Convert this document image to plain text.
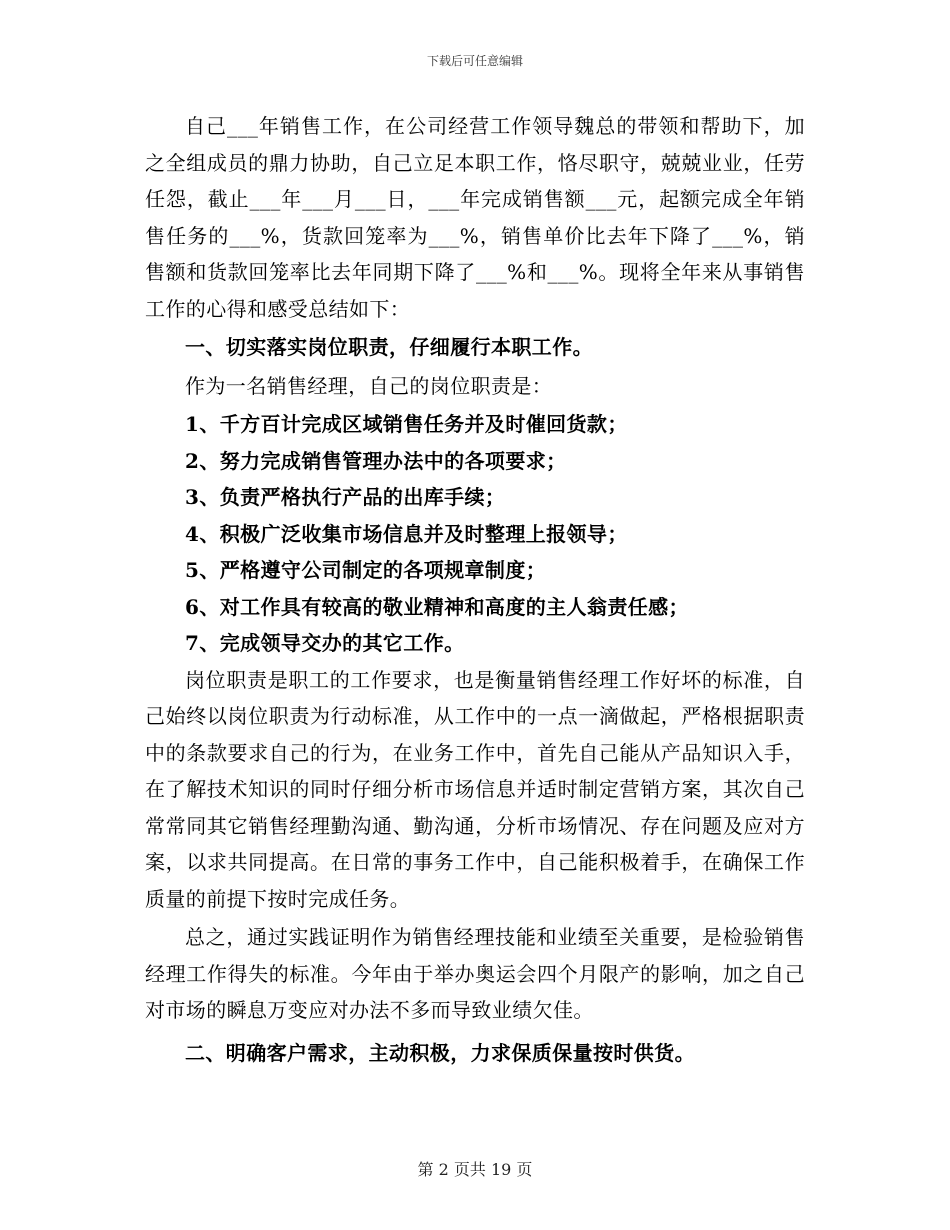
下载后可任意编辑

自己___年销售工作，在公司经营工作领导魏总的带领和帮助下，加之全组成员的鼎力协助，自己立足本职工作，恪尽职守，兢兢业业，任劳任怨，截止___年___月___日，___年完成销售额___元，起额完成全年销售任务的___%，货款回笼率为___%，销售单价比去年下降了___%，销售额和货款回笼率比去年同期下降了___%和___%。现将全年来从事销售工作的心得和感受总结如下：

一、切实落实岗位职责，仔细履行本职工作。

作为一名销售经理，自己的岗位职责是：

1、千方百计完成区域销售任务并及时催回货款；

2、努力完成销售管理办法中的各项要求；

3、负责严格执行产品的出库手续；

4、积极广泛收集市场信息并及时整理上报领导；

5、严格遵守公司制定的各项规章制度；

6、对工作具有较高的敬业精神和高度的主人翁责任感；

7、完成领导交办的其它工作。

岗位职责是职工的工作要求，也是衡量销售经理工作好坏的标准，自己始终以岗位职责为行动标准，从工作中的一点一滴做起，严格根据职责中的条款要求自己的行为，在业务工作中，首先自己能从产品知识入手，在了解技术知识的同时仔细分析市场信息并适时制定营销方案，其次自己常常同其它销售经理勤沟通、勤沟通，分析市场情况、存在问题及应对方案，以求共同提高。在日常的事务工作中，自己能积极着手，在确保工作质量的前提下按时完成任务。

总之，通过实践证明作为销售经理技能和业绩至关重要，是检验销售经理工作得失的标准。今年由于举办奥运会四个月限产的影响，加之自己对市场的瞬息万变应对办法不多而导致业绩欠佳。

二、明确客户需求，主动积极，力求保质保量按时供货。

第 2 页共 19 页
